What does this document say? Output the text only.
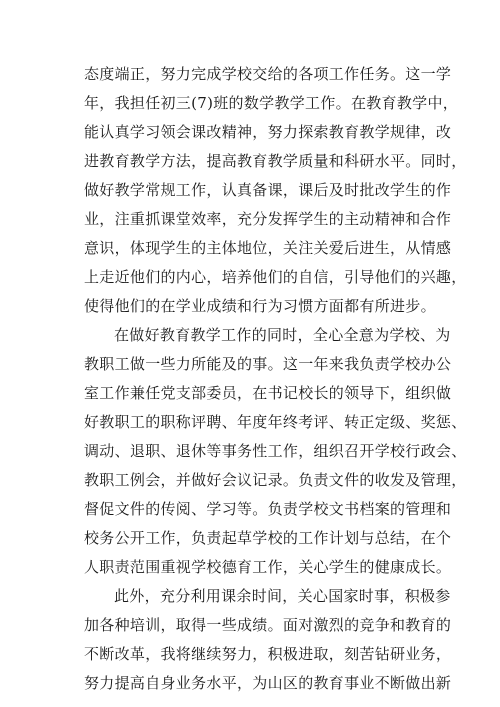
态度端正，努力完成学校交给的各项工作任务。这一学
年，我担任初三(7)班的数学教学工作。在教育教学中，
能认真学习领会课改精神，努力探索教育教学规律，改
进教育教学方法，提高教育教学质量和科研水平。同时，
做好教学常规工作，认真备课，课后及时批改学生的作
业，注重抓课堂效率，充分发挥学生的主动精神和合作
意识，体现学生的主体地位，关注关爱后进生，从情感
上走近他们的内心，培养他们的自信，引导他们的兴趣，
使得他们的在学业成绩和行为习惯方面都有所进步。
在做好教育教学工作的同时，全心全意为学校、为
教职工做一些力所能及的事。这一年来我负责学校办公
室工作兼任党支部委员，在书记校长的领导下，组织做
好教职工的职称评聘、年度年终考评、转正定级、奖惩、
调动、退职、退休等事务性工作，组织召开学校行政会、
教职工例会，并做好会议记录。负责文件的收发及管理，
督促文件的传阅、学习等。负责学校文书档案的管理和
校务公开工作，负责起草学校的工作计划与总结，在个
人职责范围重视学校德育工作，关心学生的健康成长。
此外，充分利用课余时间，关心国家时事，积极参
加各种培训，取得一些成绩。面对激烈的竞争和教育的
不断改革，我将继续努力，积极进取，刻苦钻研业务，
努力提高自身业务水平，为山区的教育事业不断做出新
